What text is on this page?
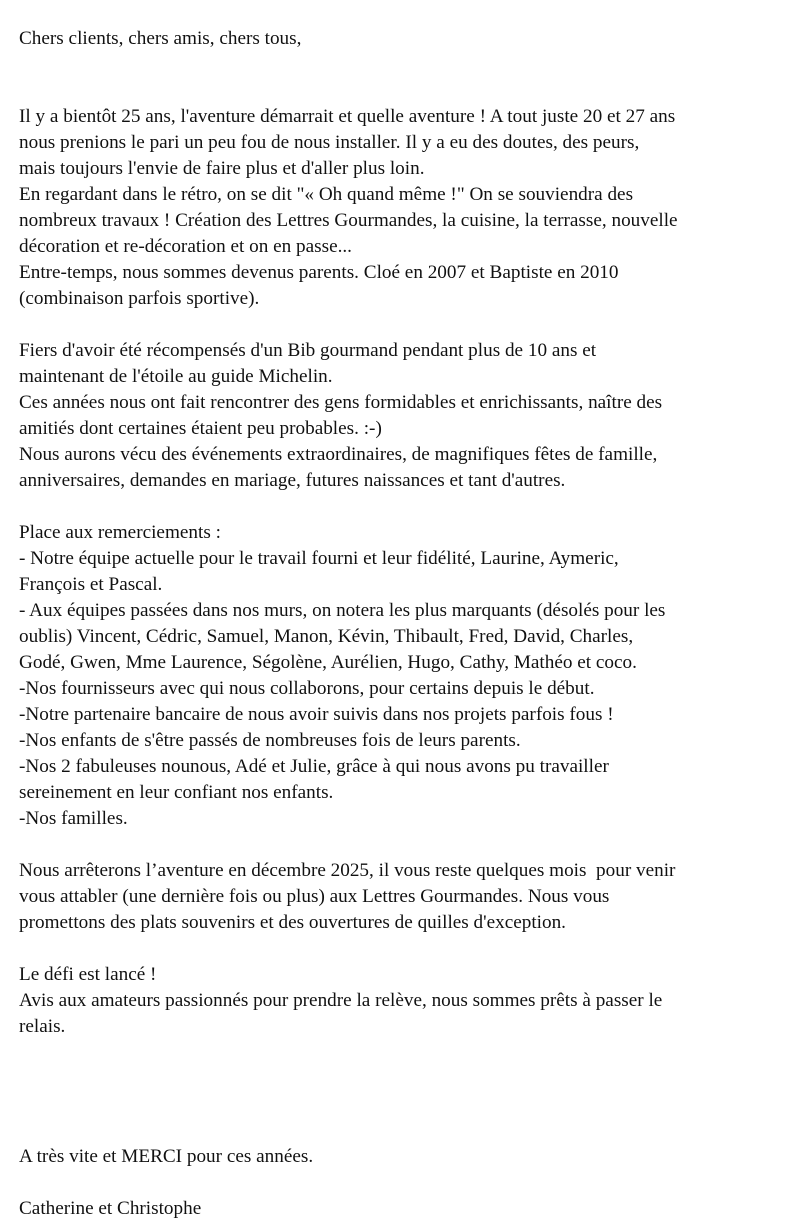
Chers clients, chers amis, chers tous,
Il y a bientôt 25 ans, l'aventure démarrait et quelle aventure ! A tout juste 20 et 27 ans
nous prenions le pari un peu fou de nous installer. Il y a eu des doutes, des peurs,
mais toujours l'envie de faire plus et d'aller plus loin.
En regardant dans le rétro, on se dit "« Oh quand même !" On se souviendra des
nombreux travaux ! Création des Lettres Gourmandes, la cuisine, la terrasse, nouvelle
décoration et re-décoration et on en passe...
Entre-temps, nous sommes devenus parents. Cloé en 2007 et Baptiste en 2010
(combinaison parfois sportive).
Fiers d'avoir été récompensés d'un Bib gourmand pendant plus de 10 ans et
maintenant de l'étoile au guide Michelin.
Ces années nous ont fait rencontrer des gens formidables et enrichissants, naître des
amitiés dont certaines étaient peu probables. :-)
Nous aurons vécu des événements extraordinaires, de magnifiques fêtes de famille,
anniversaires, demandes en mariage, futures naissances et tant d'autres.
Place aux remerciements :
- Notre équipe actuelle pour le travail fourni et leur fidélité, Laurine, Aymeric,
François et Pascal.
- Aux équipes passées dans nos murs, on notera les plus marquants (désolés pour les
oublis) Vincent, Cédric, Samuel, Manon, Kévin, Thibault, Fred, David, Charles,
Godé, Gwen, Mme Laurence, Ségolène, Aurélien, Hugo, Cathy, Mathéo et coco.
-Nos fournisseurs avec qui nous collaborons, pour certains depuis le début.
-Notre partenaire bancaire de nous avoir suivis dans nos projets parfois fous !
-Nos enfants de s'être passés de nombreuses fois de leurs parents.
-Nos 2 fabuleuses nounous, Adé et Julie, grâce à qui nous avons pu travailler
sereinement en leur confiant nos enfants.
-Nos familles.
Nous arrêterons l’aventure en décembre 2025, il vous reste quelques mois  pour venir
vous attabler (une dernière fois ou plus) aux Lettres Gourmandes. Nous vous
promettons des plats souvenirs et des ouvertures de quilles d'exception.
Le défi est lancé !
Avis aux amateurs passionnés pour prendre la relève, nous sommes prêts à passer le
relais.
A très vite et MERCI pour ces années.
Catherine et Christophe
